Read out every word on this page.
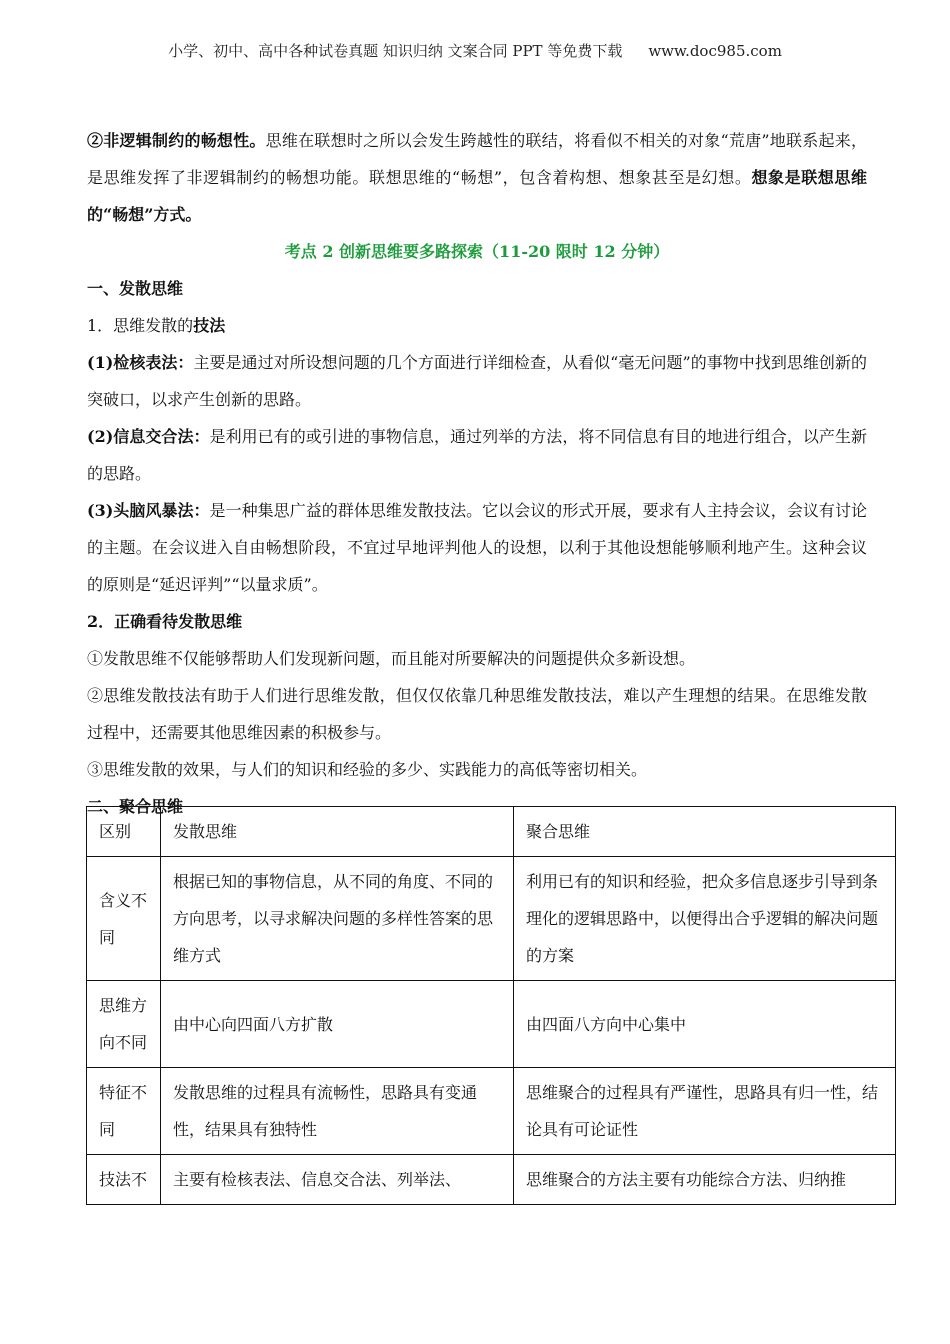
小学、初中、高中各种试卷真题 知识归纳 文案合同 PPT 等免费下载 www.doc985.com

②非逻辑制约的畅想性。思维在联想时之所以会发生跨越性的联结，将看似不相关的对象“荒唐”地联系起来，是思维发挥了非逻辑制约的畅想功能。联想思维的“畅想”，包含着构想、想象甚至是幻想。想象是联想思维的“畅想”方式。

考点 2 创新思维要多路探索（11-20 限时 12 分钟）

一、发散思维

1．思维发散的技法

(1)检核表法：主要是通过对所设想问题的几个方面进行详细检查，从看似“毫无问题”的事物中找到思维创新的突破口，以求产生创新的思路。

(2)信息交合法：是利用已有的或引进的事物信息，通过列举的方法，将不同信息有目的地进行组合，以产生新的思路。

(3)头脑风暴法：是一种集思广益的群体思维发散技法。它以会议的形式开展，要求有人主持会议，会议有讨论的主题。在会议进入自由畅想阶段，不宜过早地评判他人的设想，以利于其他设想能够顺利地产生。这种会议的原则是“延迟评判”“以量求质”。

2．正确看待发散思维

①发散思维不仅能够帮助人们发现新问题，而且能对所要解决的问题提供众多新设想。

②思维发散技法有助于人们进行思维发散，但仅仅依靠几种思维发散技法，难以产生理想的结果。在思维发散过程中，还需要其他思维因素的积极参与。

③思维发散的效果，与人们的知识和经验的多少、实践能力的高低等密切相关。

二、聚合思维

区别	发散思维	聚合思维
含义不同	根据已知的事物信息，从不同的角度、不同的方向思考，以寻求解决问题的多样性答案的思维方式	利用已有的知识和经验，把众多信息逐步引导到条理化的逻辑思路中，以便得出合乎逻辑的解决问题的方案
思维方向不同	由中心向四面八方扩散	由四面八方向中心集中
特征不同	发散思维的过程具有流畅性，思路具有变通性，结果具有独特性	思维聚合的过程具有严谨性，思路具有归一性，结论具有可论证性
技法不	主要有检核表法、信息交合法、列举法、	思维聚合的方法主要有功能综合方法、归纳推
